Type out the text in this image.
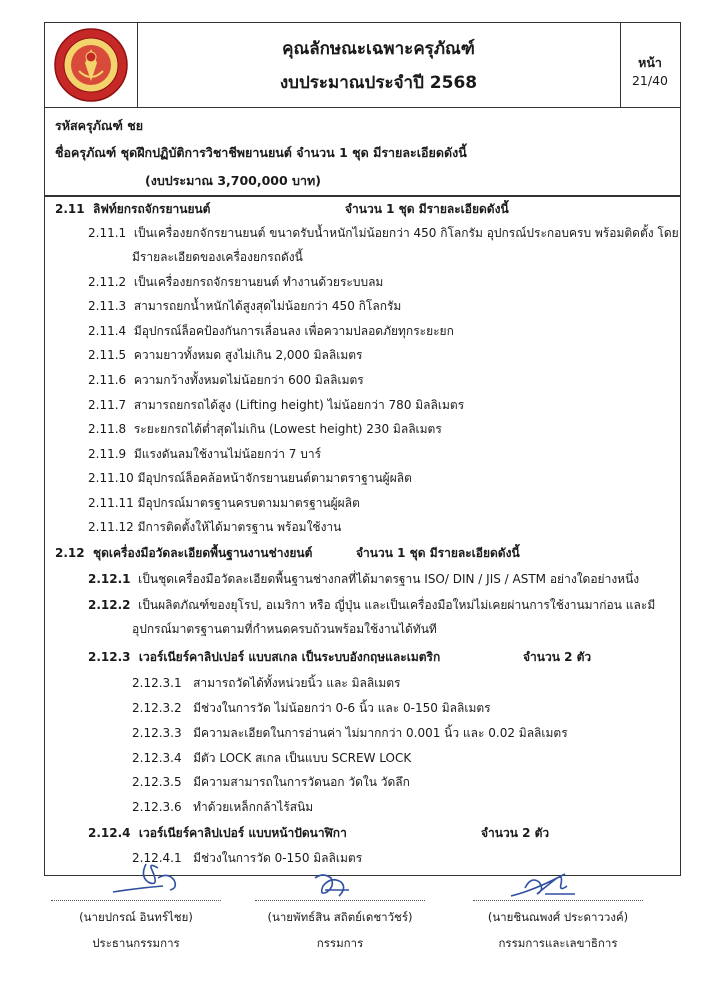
คุณลักษณะเฉพาะครุภัณฑ์
งบประมาณประจำปี 2568
หน้า 21/40
รหัสครุภัณฑ์ ชย
ชื่อครุภัณฑ์ ชุดฝึกปฏิบัติการวิชาชีพยานยนต์ จำนวน 1 ชุด มีรายละเอียดดังนี้
(งบประมาณ 3,700,000 บาท)
2.11 ลิฟท์ยกรถจักรยานยนต์	จำนวน 1 ชุด มีรายละเอียดดังนี้
2.11.1 เป็นเครื่องยกจักรยานยนต์ ขนาดรับน้ำหนักไม่น้อยกว่า 450 กิโลกรัม อุปกรณ์ประกอบครบ พร้อมติดตั้ง โดย
มีรายละเอียดของเครื่องยกรถดังนี้
2.11.2 เป็นเครื่องยกรถจักรยานยนต์ ทำงานด้วยระบบลม
2.11.3 สามารถยกน้ำหนักได้สูงสุดไม่น้อยกว่า 450 กิโลกรัม
2.11.4 มีอุปกรณ์ล็อคป้องกันการเลื่อนลง เพื่อความปลอดภัยทุกระยะยก
2.11.5 ความยาวทั้งหมด สูงไม่เกิน 2,000 มิลลิเมตร
2.11.6 ความกว้างทั้งหมดไม่น้อยกว่า 600 มิลลิเมตร
2.11.7 สามารถยกรถได้สูง (Lifting height) ไม่น้อยกว่า 780 มิลลิเมตร
2.11.8 ระยะยกรถได้ต่ำสุดไม่เกิน (Lowest height) 230 มิลลิเมตร
2.11.9 มีแรงดันลมใช้งานไม่น้อยกว่า 7 บาร์
2.11.10 มีอุปกรณ์ล็อคล้อหน้าจักรยานยนต์ตามาตราฐานผู้ผลิต
2.11.11 มีอุปกรณ์มาตรฐานครบตามมาตรฐานผู้ผลิต
2.11.12 มีการติดตั้งให้ได้มาตรฐาน พร้อมใช้งาน
2.12 ชุดเครื่องมือวัดละเอียดพื้นฐานงานช่างยนต์	จำนวน 1 ชุด มีรายละเอียดดังนี้
2.12.1 เป็นชุดเครื่องมือวัดละเอียดพื้นฐานช่างกลที่ได้มาตรฐาน ISO/ DIN / JIS / ASTM อย่างใดอย่างหนึ่ง
2.12.2 เป็นผลิตภัณฑ์ของยุโรป, อเมริกา หรือ ญี่ปุ่น และเป็นเครื่องมือใหม่ไม่เคยผ่านการใช้งานมาก่อน และมี
อุปกรณ์มาตรฐานตามที่กำหนดครบถ้วนพร้อมใช้งานได้ทันที
2.12.3 เวอร์เนียร์คาลิปเปอร์ แบบสเกล เป็นระบบอังกฤษและเมตริก	จำนวน 2 ตัว
2.12.3.1 สามารถวัดได้ทั้งหน่วยนิ้ว และ มิลลิเมตร
2.12.3.2 มีช่วงในการวัด ไม่น้อยกว่า 0-6 นิ้ว และ 0-150 มิลลิเมตร
2.12.3.3 มีความละเอียดในการอ่านค่า ไม่มากกว่า 0.001 นิ้ว และ 0.02 มิลลิเมตร
2.12.3.4 มีตัว LOCK สเกล เป็นแบบ SCREW LOCK
2.12.3.5 มีความสามารถในการวัดนอก วัดใน วัดลึก
2.12.3.6 ทำด้วยเหล็กกล้าไร้สนิม
2.12.4 เวอร์เนียร์คาลิปเปอร์ แบบหน้าปัดนาฬิกา	จำนวน 2 ตัว
2.12.4.1 มีช่วงในการวัด 0-150 มิลลิเมตร
(นายปกรณ์ อินทร์ไชย)
ประธานกรรมการ
(นายพัทธ์สิน สถิตย์เดชาวัชร์)
กรรมการ
(นายชินณพงศ์ ประดาววงค์)
กรรมการและเลขาธิการ
